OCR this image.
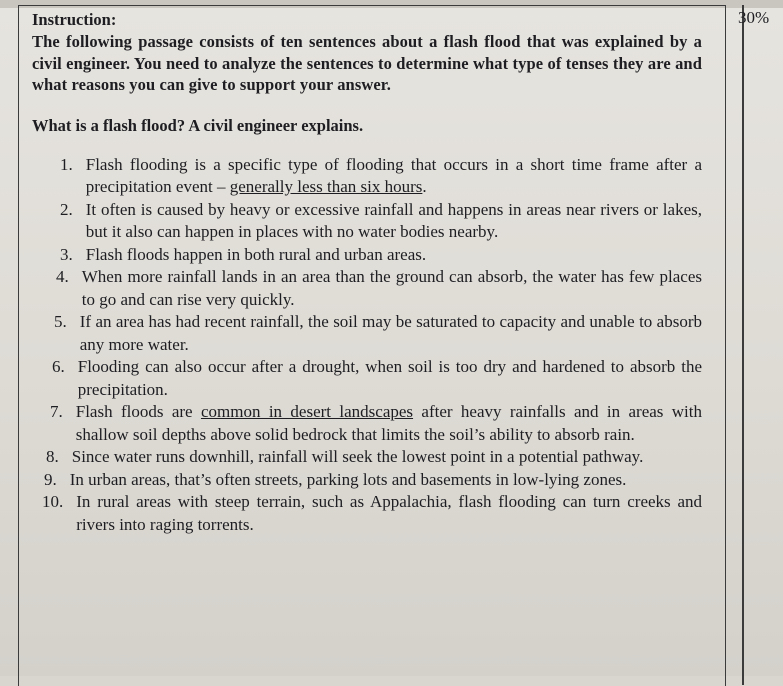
30%

Instruction:

The following passage consists of ten sentences about a flash flood that was explained by a civil engineer. You need to analyze the sentences to determine what type of tenses they are and what reasons you can give to support your answer.

What is a flash flood? A civil engineer explains.

1. Flash flooding is a specific type of flooding that occurs in a short time frame after a precipitation event – generally less than six hours.
2. It often is caused by heavy or excessive rainfall and happens in areas near rivers or lakes, but it also can happen in places with no water bodies nearby.
3. Flash floods happen in both rural and urban areas.
4. When more rainfall lands in an area than the ground can absorb, the water has few places to go and can rise very quickly.
5. If an area has had recent rainfall, the soil may be saturated to capacity and unable to absorb any more water.
6. Flooding can also occur after a drought, when soil is too dry and hardened to absorb the precipitation.
7. Flash floods are common in desert landscapes after heavy rainfalls and in areas with shallow soil depths above solid bedrock that limits the soil’s ability to absorb rain.
8. Since water runs downhill, rainfall will seek the lowest point in a potential pathway.
9. In urban areas, that’s often streets, parking lots and basements in low-lying zones.
10. In rural areas with steep terrain, such as Appalachia, flash flooding can turn creeks and rivers into raging torrents.
